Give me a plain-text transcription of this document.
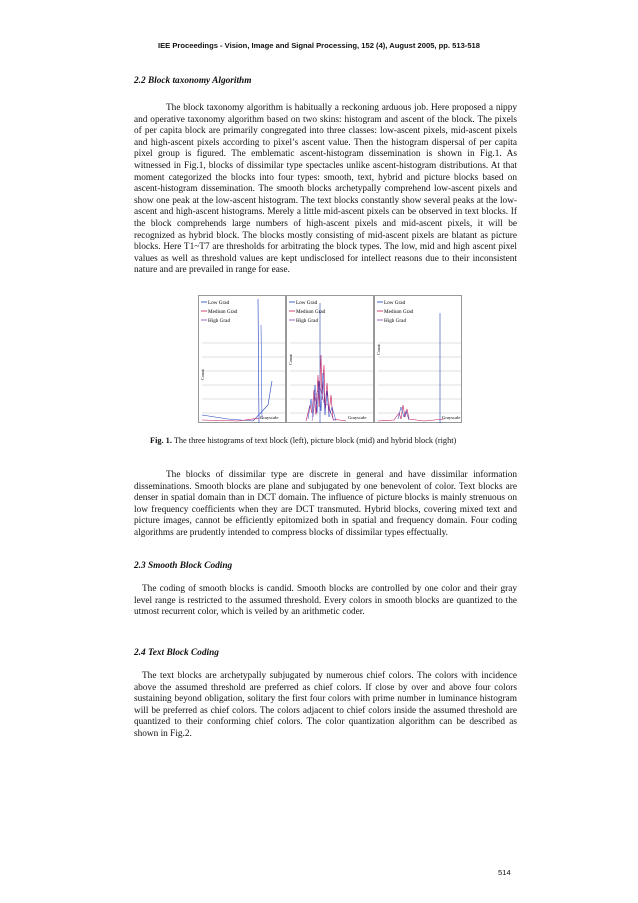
IEE Proceedings - Vision, Image and Signal Processing, 152 (4), August 2005, pp. 513-518
2.2 Block taxonomy Algorithm

The block taxonomy algorithm is habitually a reckoning arduous job. Here proposed a nippy and operative taxonomy algorithm based on two skins: histogram and ascent of the block. The pixels of per capita block are primarily congregated into three classes: low-ascent pixels, mid-ascent pixels and high-ascent pixels according to pixel’s ascent value. Then the histogram dispersal of per capita pixel group is figured. The emblematic ascent-histogram dissemination is shown in Fig.1. As witnessed in Fig.1, blocks of dissimilar type spectacles unlike ascent-histogram distributions. At that moment categorized the blocks into four types: smooth, text, hybrid and picture blocks based on ascent-histogram dissemination. The smooth blocks archetypally comprehend low-ascent pixels and show one peak at the low-ascent histogram. The text blocks constantly show several peaks at the low-ascent and high-ascent histograms. Merely a little mid-ascent pixels can be observed in text blocks. If the block comprehends large numbers of high-ascent pixels and mid-ascent pixels, it will be recognized as hybrid block. The blocks mostly consisting of mid-ascent pixels are blatant as picture blocks. Here T1~T7 are thresholds for arbitrating the block types. The low, mid and high ascent pixel values as well as threshold values are kept undisclosed for intellect reasons due to their inconsistent nature and are prevailed in range for ease.

Low Grad
Medium Grad
High Grad
Count
Grayscale
Low Grad
Medium Grad
High Grad
Count
Grayscale
Low Grad
Medium Grad
High Grad
Count
Grayscale
Fig. 1. The three histograms of text block (left), picture block (mid) and hybrid block (right)

The blocks of dissimilar type are discrete in general and have dissimilar information disseminations. Smooth blocks are plane and subjugated by one benevolent of color. Text blocks are denser in spatial domain than in DCT domain. The influence of picture blocks is mainly strenuous on low frequency coefficients when they are DCT transmuted. Hybrid blocks, covering mixed text and picture images, cannot be efficiently epitomized both in spatial and frequency domain. Four coding algorithms are prudently intended to compress blocks of dissimilar types effectually.

2.3 Smooth Block Coding

The coding of smooth blocks is candid. Smooth blocks are controlled by one color and their gray level range is restricted to the assumed threshold. Every colors in smooth blocks are quantized to the utmost recurrent color, which is veiled by an arithmetic coder.

2.4 Text Block Coding

The text blocks are archetypally subjugated by numerous chief colors. The colors with incidence above the assumed threshold are preferred as chief colors. If close by over and above four colors sustaining beyond obligation, solitary the first four colors with prime number in luminance histogram will be preferred as chief colors. The colors adjacent to chief colors inside the assumed threshold are quantized to their conforming chief colors. The color quantization algorithm can be described as shown in Fig.2.

514
